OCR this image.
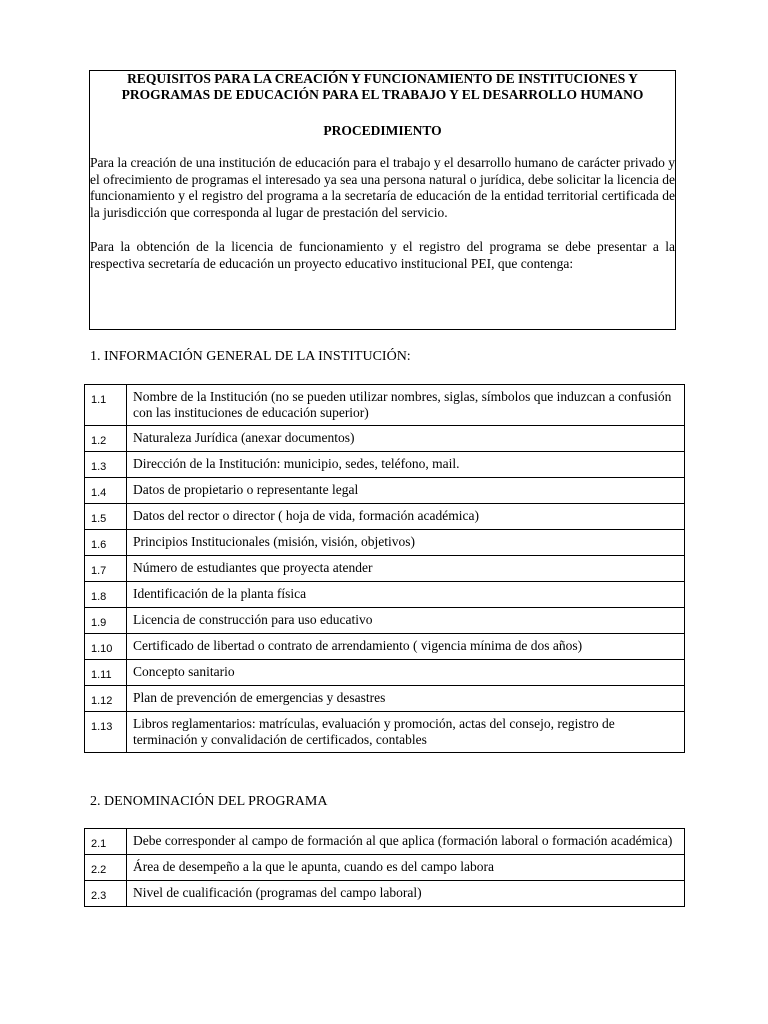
REQUISITOS PARA LA CREACIÓN Y FUNCIONAMIENTO DE INSTITUCIONES Y
PROGRAMAS DE EDUCACIÓN PARA EL TRABAJO Y EL DESARROLLO HUMANO
PROCEDIMIENTO

Para la creación de una institución de educación para el trabajo y el desarrollo humano de carácter privado y el ofrecimiento de programas el interesado ya sea una persona natural o jurídica, debe solicitar la licencia de funcionamiento y el registro del programa a la secretaría de educación de la entidad territorial certificada de la jurisdicción que corresponda al lugar de prestación del servicio.

Para la obtención de la licencia de funcionamiento y el registro del programa se debe presentar a la respectiva secretaría de educación un proyecto educativo institucional PEI, que contenga:

1. INFORMACIÓN GENERAL DE LA INSTITUCIÓN:
1.1	Nombre de la Institución (no se pueden utilizar nombres, siglas, símbolos que induzcan a confusión con las instituciones de educación superior)
1.2	Naturaleza Jurídica (anexar documentos)
1.3	Dirección de la Institución: municipio, sedes, teléfono, mail.
1.4	Datos de propietario o representante legal
1.5	Datos del rector o director ( hoja de vida, formación académica)
1.6	Principios Institucionales (misión, visión, objetivos)
1.7	Número de estudiantes que proyecta atender
1.8	Identificación de la planta física
1.9	Licencia de construcción para uso educativo
1.10	Certificado de libertad o contrato de arrendamiento ( vigencia mínima de dos años)
1.11	Concepto sanitario
1.12	Plan de prevención de emergencias y desastres
1.13	Libros reglamentarios: matrículas, evaluación y promoción, actas del consejo, registro de terminación y convalidación de certificados, contables
2. DENOMINACIÓN DEL PROGRAMA
2.1	Debe corresponder al campo de formación al que aplica (formación laboral o formación académica)
2.2	Área de desempeño a la que le apunta, cuando es del campo labora
2.3	Nivel de cualificación (programas del campo laboral)
